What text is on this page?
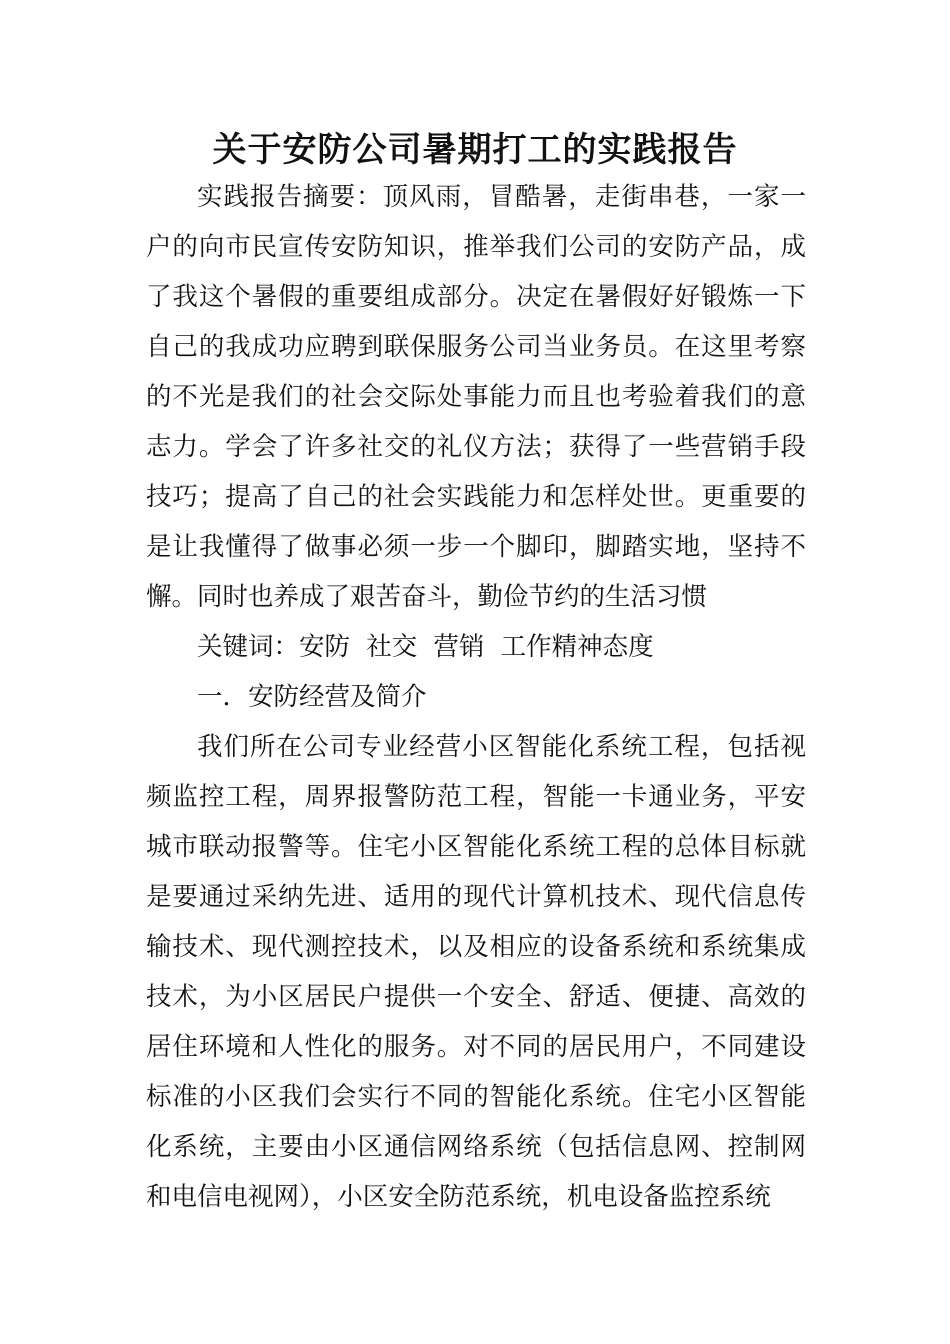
关于安防公司暑期打工的实践报告

实践报告摘要：顶风雨，冒酷暑，走街串巷，一家一户的向市民宣传安防知识，推举我们公司的安防产品，成了我这个暑假的重要组成部分。决定在暑假好好锻炼一下自己的我成功应聘到联保服务公司当业务员。在这里考察的不光是我们的社会交际处事能力而且也考验着我们的意志力。学会了许多社交的礼仪方法；获得了一些营销手段技巧；提高了自己的社会实践能力和怎样处世。更重要的是让我懂得了做事必须一步一个脚印，脚踏实地，坚持不懈。同时也养成了艰苦奋斗，勤俭节约的生活习惯

关键词：安防  社交  营销  工作精神态度

一．安防经营及简介

我们所在公司专业经营小区智能化系统工程，包括视频监控工程，周界报警防范工程，智能一卡通业务，平安城市联动报警等。住宅小区智能化系统工程的总体目标就是要通过采纳先进、适用的现代计算机技术、现代信息传输技术、现代测控技术，以及相应的设备系统和系统集成技术，为小区居民户提供一个安全、舒适、便捷、高效的居住环境和人性化的服务。对不同的居民用户，不同建设标准的小区我们会实行不同的智能化系统。住宅小区智能化系统，主要由小区通信网络系统（包括信息网、控制网和电信电视网），小区安全防范系统，机电设备监控系统
